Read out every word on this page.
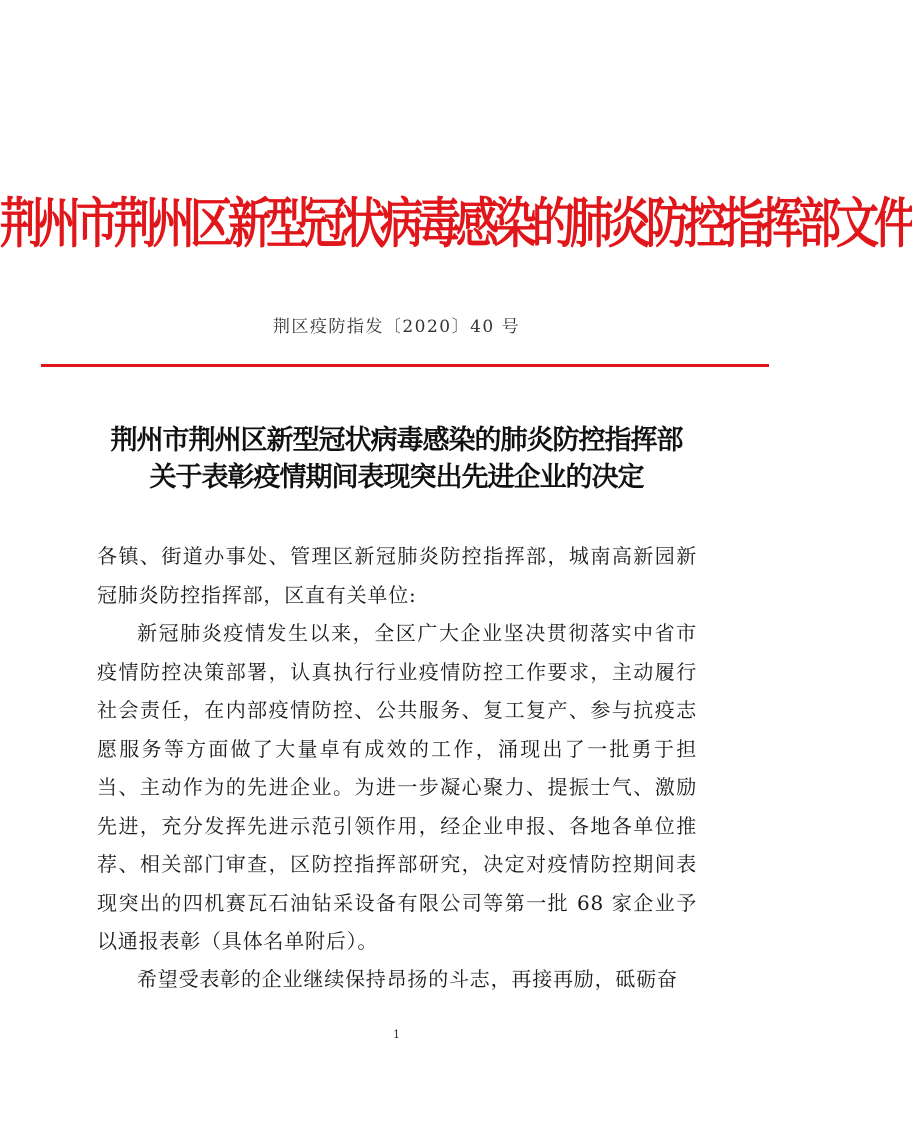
荆州市荆州区新型冠状病毒感染的肺炎防控指挥部文件
荆区疫防指发〔2020〕40 号
荆州市荆州区新型冠状病毒感染的肺炎防控指挥部
关于表彰疫情期间表现突出先进企业的决定
各镇、街道办事处、管理区新冠肺炎防控指挥部，城南高新园新冠肺炎防控指挥部，区直有关单位:
新冠肺炎疫情发生以来，全区广大企业坚决贯彻落实中省市疫情防控决策部署，认真执行行业疫情防控工作要求，主动履行社会责任，在内部疫情防控、公共服务、复工复产、参与抗疫志愿服务等方面做了大量卓有成效的工作，涌现出了一批勇于担当、主动作为的先进企业。为进一步凝心聚力、提振士气、激励先进，充分发挥先进示范引领作用，经企业申报、各地各单位推荐、相关部门审查，区防控指挥部研究，决定对疫情防控期间表现突出的四机赛瓦石油钻采设备有限公司等第一批 68 家企业予以通报表彰（具体名单附后）。
希望受表彰的企业继续保持昂扬的斗志，再接再励，砥砺奋
1
